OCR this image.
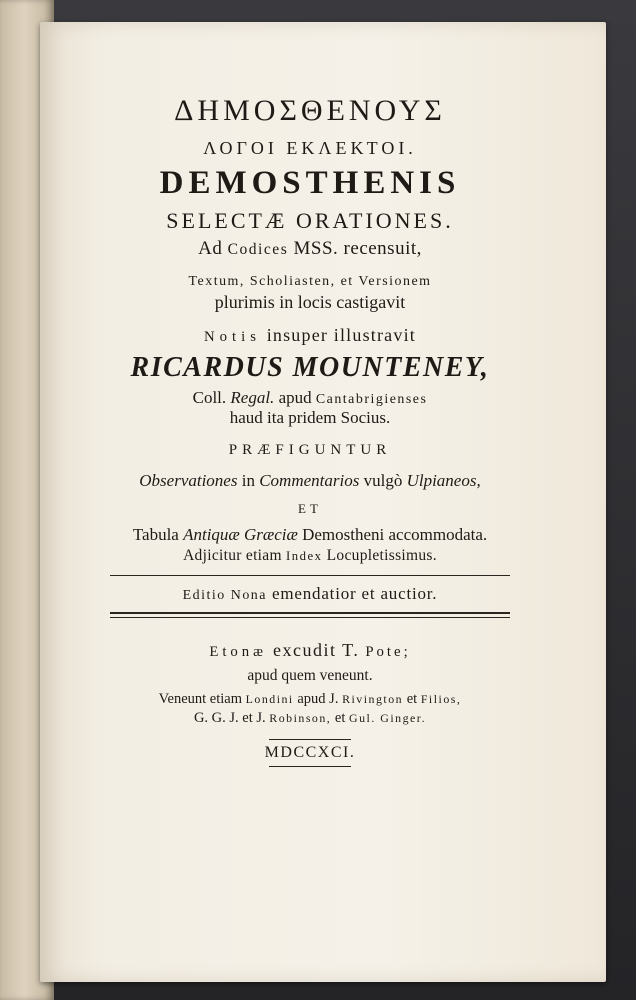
ΔΗΜΟΣΘΕΝΟΥΣ
ΛΟΓΟΙ ΕΚΛΕΚΤΟΙ.
DEMOSTHENIS
SELECTÆ ORATIONES.
Ad Codices MSS. recensuit,
Textum, Scholiasten, et Versionem
plurimis in locis castigavit
Notis insuper illustravit
RICARDUS MOUNTENEY,
Coll. Regal. apud Cantabrigienses
haud ita pridem Socius.
PRÆFIGUNTUR
Observationes in Commentarios vulgò Ulpianeos,
ET
Tabula Antiquæ Græciæ Demostheni accommodata.
Adjicitur etiam Index Locupletissimus.
Editio Nona emendatior et auctior.
Etonæ excudit T. Pote;
apud quem veneunt.
Veneunt etiam Londini apud J. Rivington et Filios,
G. G. J. et J. Robinson, et Gul. Ginger.
MDCCXCI.
